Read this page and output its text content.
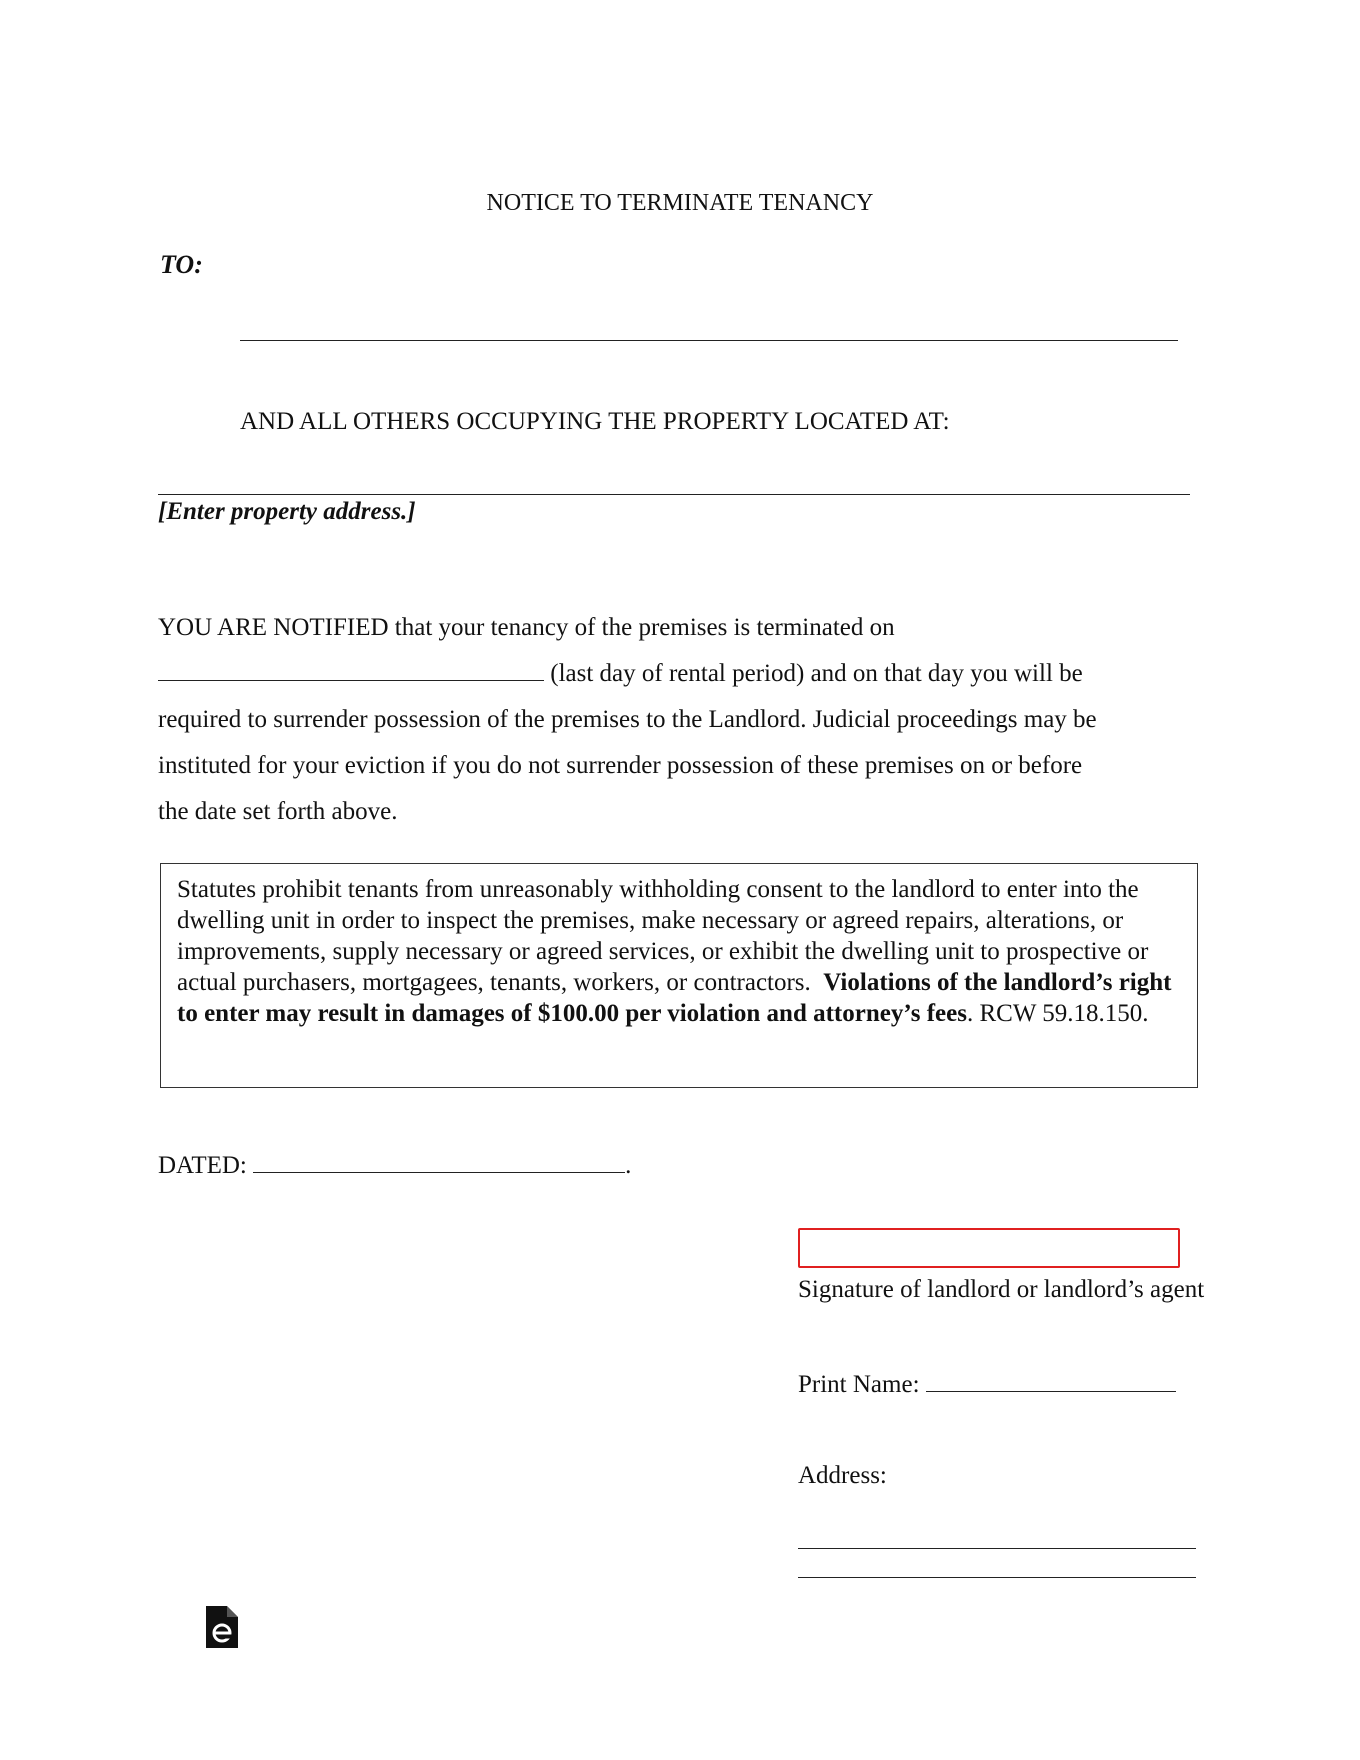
NOTICE TO TERMINATE TENANCY
TO:
AND ALL OTHERS OCCUPYING THE PROPERTY LOCATED AT:
[Enter property address.]

YOU ARE NOTIFIED that your tenancy of the premises is terminated on

(last day of rental period) and on that day you will be

required to surrender possession of the premises to the Landlord. Judicial proceedings may be

instituted for your eviction if you do not surrender possession of these premises on or before

the date set forth above.

Statutes prohibit tenants from unreasonably withholding consent to the landlord to enter into the dwelling unit in order to inspect the premises, make necessary or agreed repairs, alterations, or improvements, supply necessary or agreed services, or exhibit the dwelling unit to prospective or actual purchasers, mortgagees, tenants, workers, or contractors. Violations of the landlord’s right to enter may result in damages of $100.00 per violation and attorney’s fees. RCW 59.18.150.
DATED:	.
Signature of landlord or landlord’s agent
Print Name:
Address:
